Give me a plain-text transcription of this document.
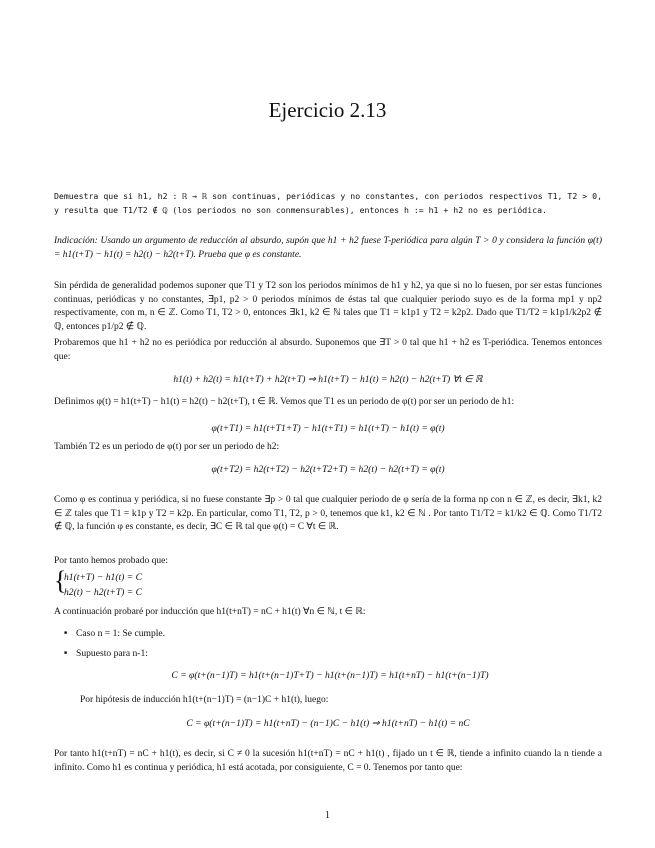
Ejercicio 2.13
Demuestra que si h1, h2 : ℝ → ℝ son continuas, periódicas y no constantes, con periodos respectivos T1, T2 > 0, y resulta que T1/T2 ∉ ℚ (los periodos no son conmensurables), entonces h := h1 + h2 no es periódica.
Indicación: Usando un argumento de reducción al absurdo, supón que h1 + h2 fuese T-periódica para algún T > 0 y considera la función φ(t) = h1(t+T) − h1(t) = h2(t) − h2(t+T). Prueba que φ es constante.
Sin pérdida de generalidad podemos suponer que T1 y T2 son los periodos mínimos de h1 y h2, ya que si no lo fuesen, por ser estas funciones continuas, periódicas y no constantes, ∃p1, p2 > 0 periodos mínimos de éstas tal que cualquier periodo suyo es de la forma mp1 y np2 respectivamente, con m, n ∈ ℤ. Como T1, T2 > 0, entonces ∃k1, k2 ∈ ℕ tales que T1 = k1p1 y T2 = k2p2. Dado que T1/T2 = k1p1/k2p2 ∉ ℚ, entonces p1/p2 ∉ ℚ.
Probaremos que h1 + h2 no es periódica por reducción al absurdo. Suponemos que ∃T > 0 tal que h1 + h2 es T-periódica. Tenemos entonces que:
h1(t) + h2(t) = h1(t+T) + h2(t+T) ⇒ h1(t+T) − h1(t) = h2(t) − h2(t+T) ∀t ∈ ℝ
Definimos φ(t) = h1(t+T) − h1(t) = h2(t) − h2(t+T), t ∈ ℝ. Vemos que T1 es un periodo de φ(t) por ser un periodo de h1:
φ(t+T1) = h1(t+T1+T) − h1(t+T1) = h1(t+T) − h1(t) = φ(t)
También T2 es un periodo de φ(t) por ser un periodo de h2:
φ(t+T2) = h2(t+T2) − h2(t+T2+T) = h2(t) − h2(t+T) = φ(t)
Como φ es continua y periódica, si no fuese constante ∃p > 0 tal que cualquier periodo de φ sería de la forma np con n ∈ ℤ, es decir, ∃k1, k2 ∈ ℤ tales que T1 = k1p y T2 = k2p. En particular, como T1, T2, p > 0, tenemos que k1, k2 ∈ ℕ . Por tanto T1/T2 = k1/k2 ∈ ℚ. Como T1/T2 ∉ ℚ, la función φ es constante, es decir, ∃C ∈ ℝ tal que φ(t) = C ∀t ∈ ℝ.
Por tanto hemos probado que:
{
h1(t+T) − h1(t) = C
h2(t) − h2(t+T) = C
A continuación probaré por inducción que h1(t+nT) = nC + h1(t) ∀n ∈ ℕ, t ∈ ℝ:
■ Caso n = 1: Se cumple.
■ Supuesto para n-1:
C = φ(t+(n−1)T) = h1(t+(n−1)T+T) − h1(t+(n−1)T) = h1(t+nT) − h1(t+(n−1)T)
Por hipótesis de inducción h1(t+(n−1)T) = (n−1)C + h1(t), luego:
C = φ(t+(n−1)T) = h1(t+nT) − (n−1)C − h1(t) ⇒ h1(t+nT) − h1(t) = nC
Por tanto h1(t+nT) = nC + h1(t), es decir, si C ≠ 0 la sucesión h1(t+nT) = nC + h1(t) , fijado un t ∈ ℝ, tiende a infinito cuando la n tiende a infinito. Como h1 es continua y periódica, h1 está acotada, por consiguiente, C = 0. Tenemos por tanto que:
1
